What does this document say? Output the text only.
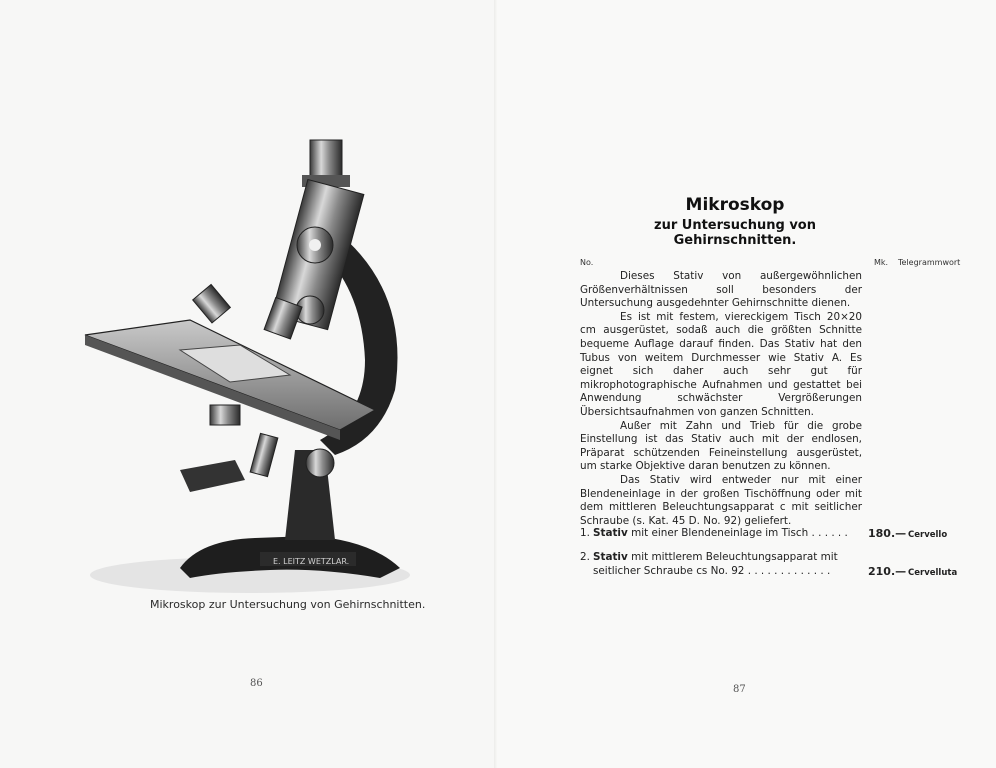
E. LEITZ WETZLAR.
Mikroskop zur Untersuchung von Gehirnschnitten.
86
Mikroskop
zur Untersuchung von Gehirnschnitten.
No.	Mk. Telegrammwort

Dieses Stativ von außergewöhnlichen Größenverhältnissen soll besonders der Untersuchung ausgedehnter Gehirnschnitte dienen.

Es ist mit festem, viereckigem Tisch 20×20 cm ausgerüstet, sodaß auch die größten Schnitte bequeme Auflage darauf finden. Das Stativ hat den Tubus von weitem Durchmesser wie Stativ A. Es eignet sich daher auch sehr gut für mikrophotographische Aufnahmen und gestattet bei Anwendung schwächster Vergrößerungen Übersichtsaufnahmen von ganzen Schnitten.

Außer mit Zahn und Trieb für die grobe Einstellung ist das Stativ auch mit der endlosen, Präparat schützenden Feineinstellung ausgerüstet, um starke Objektive daran benutzen zu können.

Das Stativ wird entweder nur mit einer Blendeneinlage in der großen Tischöffnung oder mit dem mittleren Beleuchtungsapparat c mit seitlicher Schraube (s. Kat. 45 D. No. 92) geliefert.

1. Stativ mit einer Blendeneinlage im Tisch . . . . . .	180.— Cervello
2. Stativ mit mittlerem Beleuchtungsapparat mit seitlicher Schraube cs No. 92 . . . . . . . . . . . . .	210.— Cervelluta
87
